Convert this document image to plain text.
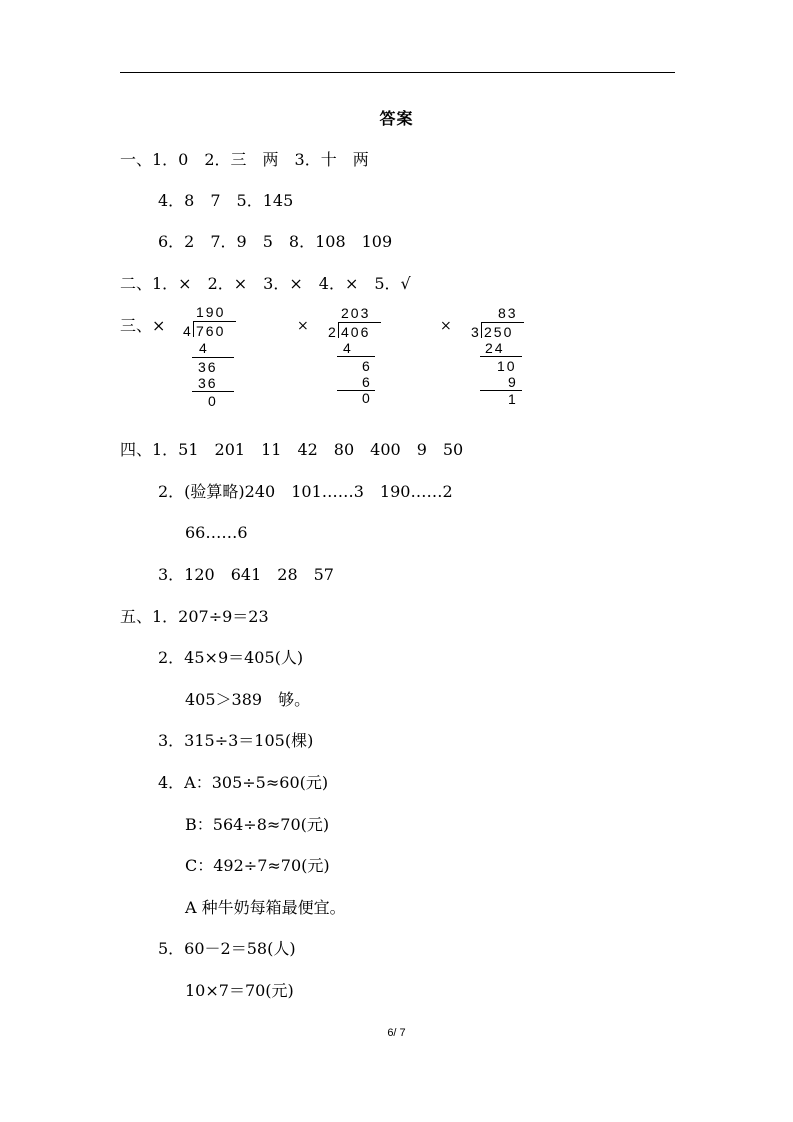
答案
一、1．0　2．三　两　3．十　两
4．8　7　5．145
6．2　7．9　5　8．108　109
二、1．×　2．×　3．×　4．×　5．√
三、×	×	×
190
4 760
4
36
36
0
203
2 406
4
6
6
0
83
3 250
24
10
9
1
四、1．51　201　11　42　80　400　9　50
2．(验算略)240　101……3　190……2
66……6
3．120　641　28　57
五、1．207÷9＝23
2．45×9＝405(人)
405＞389　够。
3．315÷3＝105(棵)
4．A：305÷5≈60(元)
B：564÷8≈70(元)
C：492÷7≈70(元)
A 种牛奶每箱最便宜。
5．60－2＝58(人)
10×7＝70(元)
6/ 7
